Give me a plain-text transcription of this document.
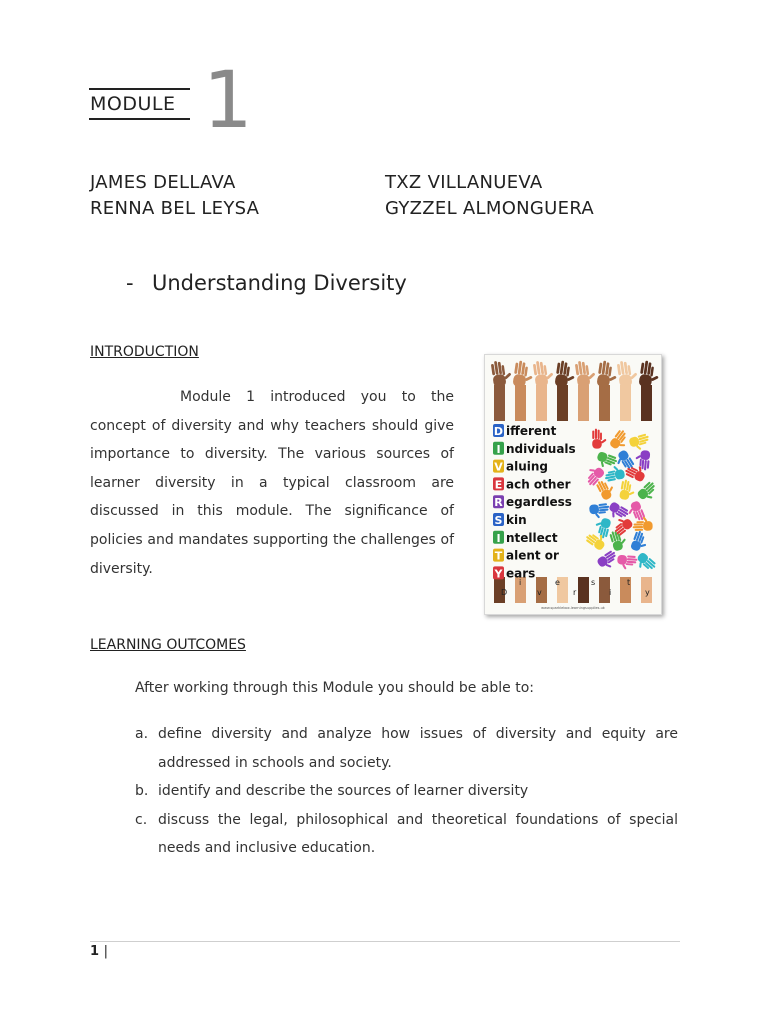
MODULE 1
JAMES DELLAVA
RENNA BEL LEYSA
TXZ VILLANUEVA
GYZZEL ALMONGUERA
- Understanding Diversity
INTRODUCTION
Module 1 introduced you to the concept of diversity and why teachers should give importance to diversity. The various sources of learner diversity in a typical classroom are discussed in this module. The significance of policies and mandates supporting the challenges of diversity.
D ifferent
I ndividuals
V aluing
E ach other
R egardless
S kin
I ntellect
T alent or
Y ears
D
i
v
e
r
s
i
t
y
www.sparklebox.learningsupplies.uk
LEARNING OUTCOMES
After working through this Module you should be able to:
a. define diversity and analyze how issues of diversity and equity are addressed in schools and society.
b. identify and describe the sources of learner diversity
c. discuss the legal, philosophical and theoretical foundations of special needs and inclusive education.
1 |
